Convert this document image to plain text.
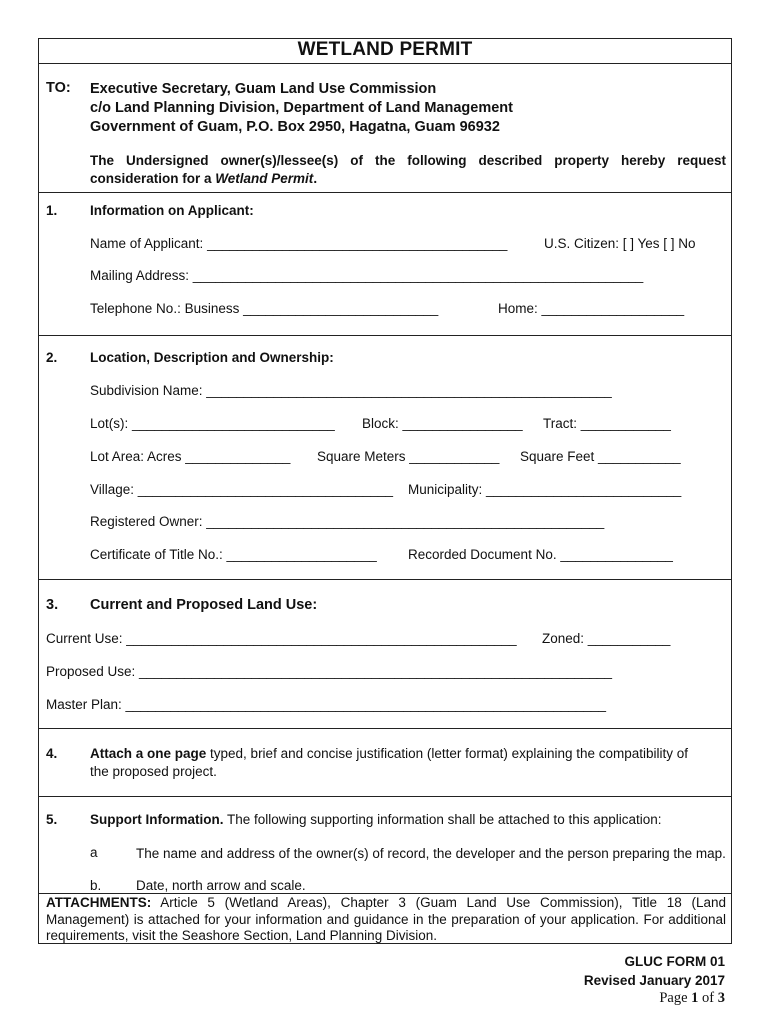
WETLAND PERMIT
TO: Executive Secretary, Guam Land Use Commission
c/o Land Planning Division, Department of Land Management
Government of Guam, P.O. Box 2950, Hagatna, Guam 96932
The Undersigned owner(s)/lessee(s) of the following described property hereby request consideration for a Wetland Permit.
1. Information on Applicant:
Name of Applicant: ________________________________________	U.S. Citizen: [ ] Yes [ ] No
Mailing Address: ____________________________________________________________
Telephone No.: Business __________________________	Home: ___________________
2. Location, Description and Ownership:
Subdivision Name: ______________________________________________________
Lot(s): ___________________________ Block: ________________ Tract: ____________
Lot Area: Acres ______________ Square Meters ____________ Square Feet ___________
Village: __________________________________ Municipality: __________________________
Registered Owner: _____________________________________________________
Certificate of Title No.: ____________________ Recorded Document No. _______________
3. Current and Proposed Land Use:
Current Use: ____________________________________________________ Zoned: ___________
Proposed Use: _______________________________________________________________
Master Plan: ________________________________________________________________
4. Attach a one page typed, brief and concise justification (letter format) explaining the compatibility of
the proposed project.
5. Support Information. The following supporting information shall be attached to this application:
a	The name and address of the owner(s) of record, the developer and the person preparing the map.
b.	Date, north arrow and scale.
ATTACHMENTS: Article 5 (Wetland Areas), Chapter 3 (Guam Land Use Commission), Title 18 (Land Management) is attached for your information and guidance in the preparation of your application. For additional requirements, visit the Seashore Section, Land Planning Division.
GLUC FORM 01
Revised January 2017
Page 1 of 3
